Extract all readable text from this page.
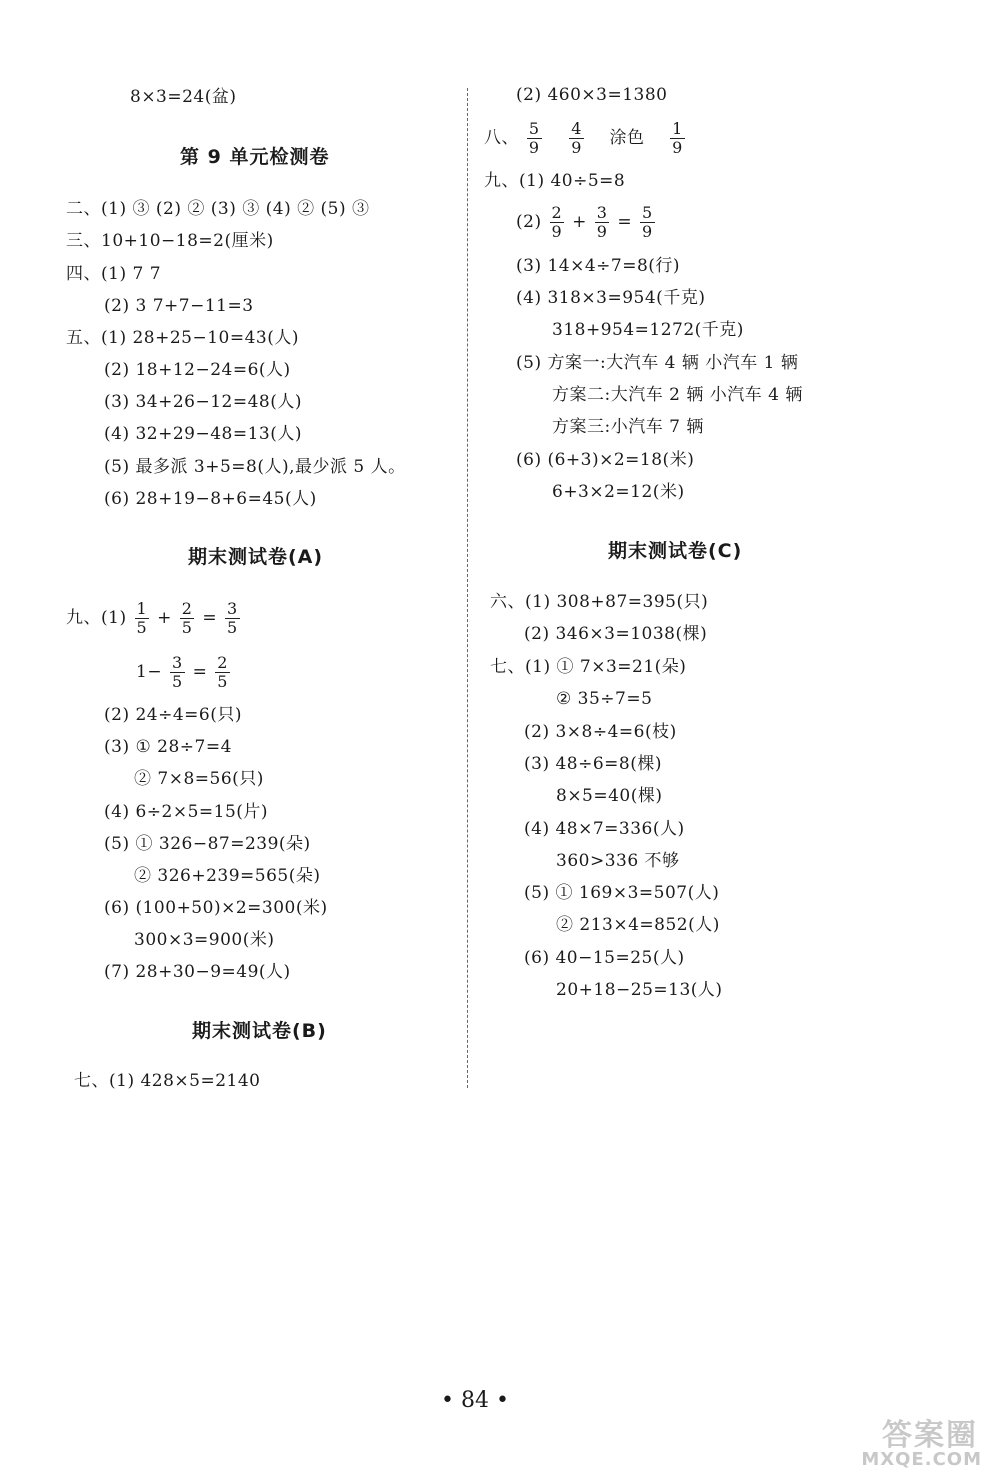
8×3=24(盆)
第 9 单元检测卷
二、(1) ③ (2) ② (3) ③ (4) ② (5) ③
三、10+10−18=2(厘米)
四、(1) 7 7
(2) 3 7+7−11=3
五、(1) 28+25−10=43(人)
(2) 18+12−24=6(人)
(3) 34+26−12=48(人)
(4) 32+29−48=13(人)
(5) 最多派 3+5=8(人),最少派 5 人。
(6) 28+19−8+6=45(人)
期末测试卷(A)
九、$(1) \frac{1}{5} + \frac{2}{5} = \frac{3}{5}$
$1- \frac{3}{5} = \frac{2}{5}$
(2) 24÷4=6(只)
(3) ① 28÷7=4
② 7×8=56(只)
(4) 6÷2×5=15(片)
(5) ① 326−87=239(朵)
② 326+239=565(朵)
(6) (100+50)×2=300(米)
300×3=900(米)
(7) 28+30−9=49(人)
期末测试卷(B)
七、(1) 428×5=2140
(2) 460×3=1380
八、 $\frac{5}{9}$
$\frac{4}{9}$ 涂色 $\frac{1}{9}$
九、(1) 40÷5=8
$(2) \frac{2}{9} + \frac{3}{9} = \frac{5}{9}$
(3) 14×4÷7=8(行)
(4) 318×3=954(千克)
318+954=1272(千克)
(5) 方案一:大汽车 4 辆 小汽车 1 辆
方案二:大汽车 2 辆 小汽车 4 辆
方案三:小汽车 7 辆
(6) (6+3)×2=18(米)
6+3×2=12(米)
期末测试卷(C)
六、(1) 308+87=395(只)
(2) 346×3=1038(棵)
七、(1) ① 7×3=21(朵)
② 35÷7=5
(2) 3×8÷4=6(枝)
(3) 48÷6=8(棵)
8×5=40(棵)
(4) 48×7=336(人)
360>336 不够
(5) ① 169×3=507(人)
② 213×4=852(人)
(6) 40−15=25(人)
20+18−25=13(人)
• 84 •
答案圈
MXQE.COM
